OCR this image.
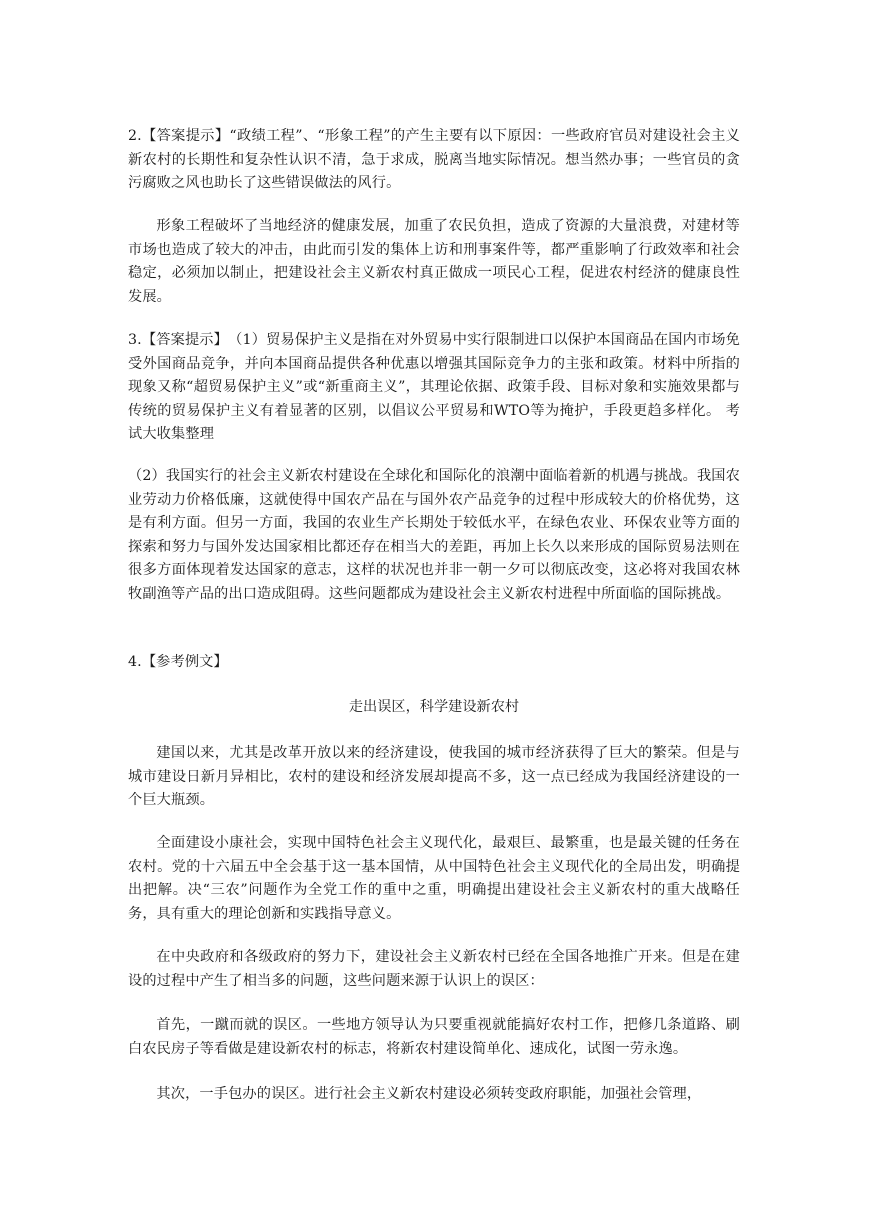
2.【答案提示】“政绩工程”、“形象工程”的产生主要有以下原因：一些政府官员对建设社会主义新农村的长期性和复杂性认识不清，急于求成，脱离当地实际情况。想当然办事；一些官员的贪污腐败之风也助长了这些错误做法的风行。

形象工程破坏了当地经济的健康发展，加重了农民负担，造成了资源的大量浪费，对建材等市场也造成了较大的冲击，由此而引发的集体上访和刑事案件等，都严重影响了行政效率和社会稳定，必须加以制止，把建设社会主义新农村真正做成一项民心工程，促进农村经济的健康良性发展。

3.【答案提示】　（1）贸易保护主义是指在对外贸易中实行限制进口以保护本国商品在国内市场免受外国商品竞争，并向本国商品提供各种优惠以增强其国际竞争力的主张和政策。材料中所指的现象又称“超贸易保护主义”或“新重商主义”，其理论依据、政策手段、目标对象和实施效果都与传统的贸易保护主义有着显著的区别，以倡议公平贸易和WTO等为掩护，手段更趋多样化。 考试大收集整理

（2）我国实行的社会主义新农村建设在全球化和国际化的浪潮中面临着新的机遇与挑战。我国农业劳动力价格低廉，这就使得中国农产品在与国外农产品竞争的过程中形成较大的价格优势，这是有利方面。但另一方面，我国的农业生产长期处于较低水平，在绿色农业、环保农业等方面的探索和努力与国外发达国家相比都还存在相当大的差距，再加上长久以来形成的国际贸易法则在很多方面体现着发达国家的意志，这样的状况也并非一朝一夕可以彻底改变，这必将对我国农林牧副渔等产品的出口造成阻碍。这些问题都成为建设社会主义新农村进程中所面临的国际挑战。

4.【参考例文】

走出误区，科学建设新农村

建国以来，尤其是改革开放以来的经济建设，使我国的城市经济获得了巨大的繁荣。但是与城市建设日新月异相比，农村的建设和经济发展却提高不多，这一点已经成为我国经济建设的一个巨大瓶颈。

全面建设小康社会，实现中国特色社会主义现代化，最艰巨、最繁重，也是最关键的任务在农村。党的十六届五中全会基于这一基本国情，从中国特色社会主义现代化的全局出发，明确提出把解。决“三农”问题作为全党工作的重中之重，明确提出建设社会主义新农村的重大战略任务，具有重大的理论创新和实践指导意义。

在中央政府和各级政府的努力下，建设社会主义新农村已经在全国各地推广开来。但是在建设的过程中产生了相当多的问题，这些问题来源于认识上的误区：

首先，一蹴而就的误区。一些地方领导认为只要重视就能搞好农村工作，把修几条道路、刷白农民房子等看做是建设新农村的标志，将新农村建设简单化、速成化，试图一劳永逸。

其次，一手包办的误区。进行社会主义新农村建设必须转变政府职能，加强社会管理，
